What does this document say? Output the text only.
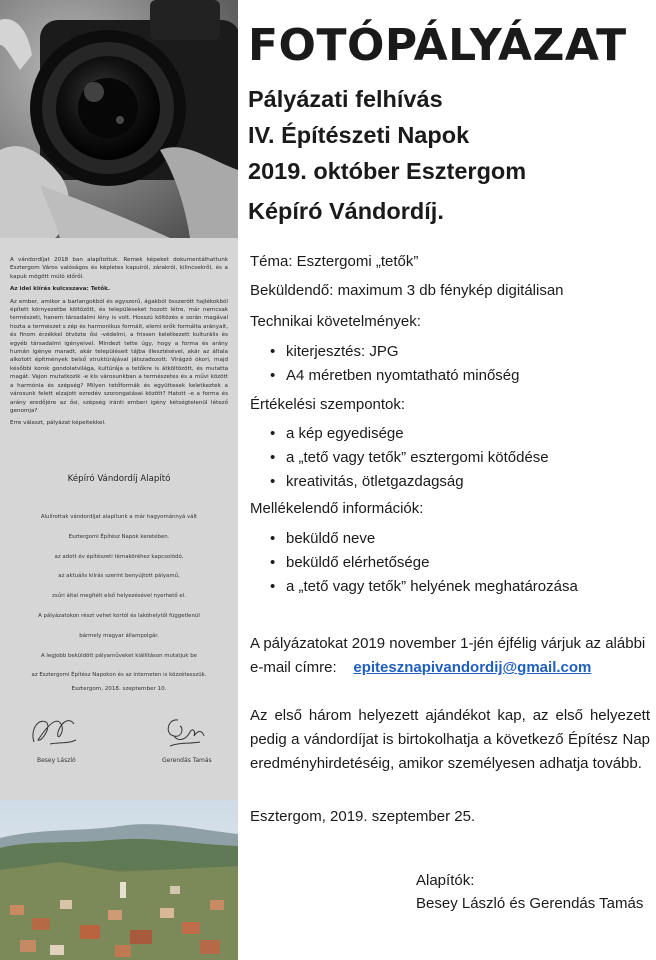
A vándordíjat 2018 ban alapítottuk. Remek képeket dokumentálhattunk Esztergom Város valóságos és képletes kapuiról, zárakról, kilincsekről, és a kapuk mögött múló időről.

Az idei kiírás kulcsszava: Tetők.

Az ember, amikor a barlangokból és egyszerű, ágakból összerótt hajlékokból épített környezetbe költözött, és településeket hozott létre, már nemcsak természeti, hanem társadalmi lény is volt. Hosszú költözés e során magával hozta a természet s zép és harmonikus formáit, elemi erők formálta arányait, és finom érzékkel ötvözte ősi -védelmi, a frissen keletkezett kulturális és egyéb társadalmi igényeivel. Mindezt tette úgy, hogy a forma és arány humán igénye maradt, akár településeit tájba illesztésével, akár az általa alkotott építmények belső struktúrájával játszadozott. Virágzó ókori, majd későbbi korok gondolatvilága, kultúrája a tetőkre is átköltözött, és mutatta magát. Vajon mutatkozik -e kis városunkban a természetes és a művi között a harmónia és szépség? Milyen tetőformák és együttesek keletkeztek a városunk felett elzajott ezredév szorongatásai között? Hatott -e a forma és arány eredőjére az ősi, szépség iránti emberi igény kétségtelenül létező genomja?

Erre választ, pályázat képeitekkel.

Képíró Vándordíj Alapító
Alulírottak vándordíjat alapítunk a már hagyománnyá vált
Esztergomi Építész Napok keretében.
az adott év építészeti témaköréhez kapcsolódó,
az aktuális kiírás szerint benyújtott pályamű,
zsűri által megítélt első helyezésével nyerhető el.
A pályázatokon részt vehet kortól és lakóhelytől függetlenül
bármely magyar állampolgár.
A legjobb beküldött pályaműveket kiállításon mutatjuk be
az Esztergomi Építész Napokon és az interneten is közzétesszük.
Esztergom, 2018. szeptember 10.
Besey László	Gerendás Tamás
FOTÓPÁLYÁZAT
Pályázati felhívás
IV. Építészeti Napok
2019. október Esztergom
Képíró Vándordíj.
Téma: Esztergomi „tetők”
Beküldendő: maximum 3 db fénykép digitálisan
Technikai követelmények:
• kiterjesztés: JPG
• A4 méretben nyomtatható minőség
Értékelési szempontok:
• a kép egyedisége
• a „tető vagy tetők” esztergomi kötődése
• kreativitás, ötletgazdagság
Mellékelendő információk:
• beküldő neve
• beküldő elérhetősége
• a „tető vagy tetők” helyének meghatározása
A pályázatokat 2019 november 1-jén éjfélig várjuk az alábbi
e-mail címre: epitesznapivandordij@gmail.com
Az első három helyezett ajándékot kap, az első helyezett
pedig a vándordíjat is birtokolhatja a következő Építész Nap
eredményhirdetéséig, amikor személyesen adhatja tovább.
Esztergom, 2019. szeptember 25.
Alapítók:
Besey László és Gerendás Tamás
